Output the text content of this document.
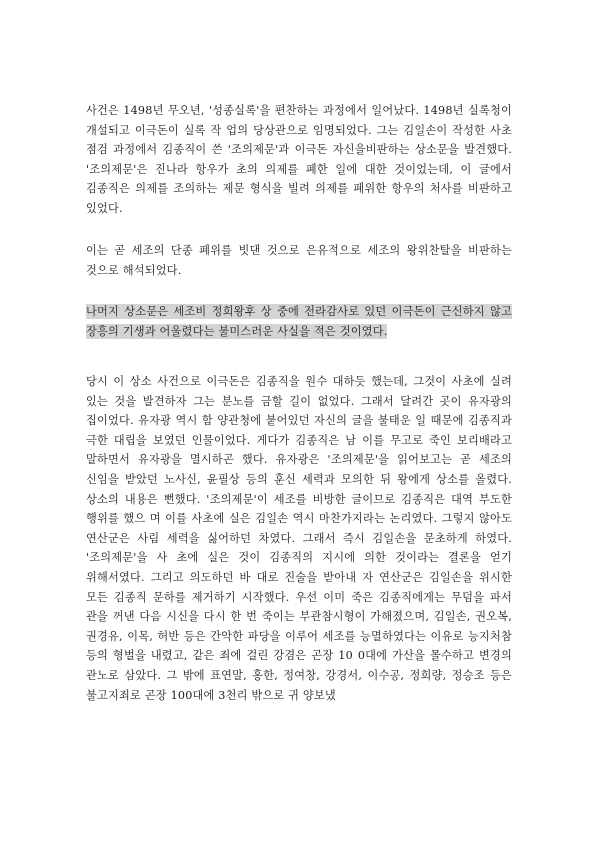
사건은 1498년 무오년, '성종실록'을 편찬하는 과정에서 일어났다. 1498년 실록청이 개설되고 이극돈이 실록 작 업의 당상관으로 임명되었다. 그는 김일손이 작성한 사초 점검 과정에서 김종직이 쓴 '조의제문'과 이극돈 자신을비판하는 상소문을 발견했다. '조의제문'은 진나라 항우가 초의 의제를 폐한 일에 대한 것이었는데, 이 글에서 김종직은 의제를 조의하는 제문 형식을 빌려 의제를 폐위한 항우의 처사를 비판하고 있었다.

이는 곧 세조의 단종 폐위를 빗댄 것으로 은유적으로 세조의 왕위찬탈을 비판하는 것으로 해석되었다.

나머지 상소문은 세조비 정희왕후 상 중에 전라감사로 있던 이극돈이 근신하지 않고 장흥의 기생과 어울렸다는 불미스러운 사실을 적은 것이였다.

당시 이 상소 사건으로 이극돈은 김종직을 원수 대하듯 했는데, 그것이 사초에 실려 있는 것을 발견하자 그는 분노를 금할 길이 없었다. 그래서 달려간 곳이 유자광의 집이었다. 유자광 역시 함 양관청에 붙어있던 자신의 글을 불태운 일 때문에 김종직과 극한 대립을 보였던 인물이었다. 게다가 김종직은 남 이를 무고로 죽인 보리배라고 말하면서 유자광을 멸시하곤 했다. 유자광은 '조의제문'을 읽어보고는 곧 세조의 신임을 받았던 노사신, 윤필상 등의 훈신 세력과 모의한 뒤 왕에게 상소를 올렸다. 상소의 내용은 뻔했다. '조의제문'이 세조를 비방한 글이므로 김종직은 대역 부도한 행위를 했으 며 이를 사초에 실은 김일손 역시 마찬가지라는 논리였다. 그렇지 않아도 연산군은 사림 세력을 싫어하던 차였다. 그래서 즉시 김일손을 문초하게 하였다. '조의제문'을 사 초에 실은 것이 김종직의 지시에 의한 것이라는 결론을 얻기 위해서였다. 그리고 의도하던 바 대로 진술을 받아내 자 연산군은 김일손을 위시한 모든 김종직 문하를 제거하기 시작했다. 우선 이미 죽은 김종직에게는 무덤을 파서 관을 꺼낸 다음 시신을 다시 한 번 죽이는 부관참시형이 가해졌으며, 김일손, 권오복, 권경유, 이목, 허반 등은 간악한 파당을 이루어 세조를 능멸하였다는 이유로 능지처참 등의 형벌을 내렸고, 같은 죄에 걸린 강겸은 곤장 10 0대에 가산을 몰수하고 변경의 관노로 삼았다. 그 밖에 표연말, 홍한, 정여창, 강경서, 이수공, 정희량, 정승조 등은 불고지죄로 곤장 100대에 3천리 밖으로 귀 양보냈
